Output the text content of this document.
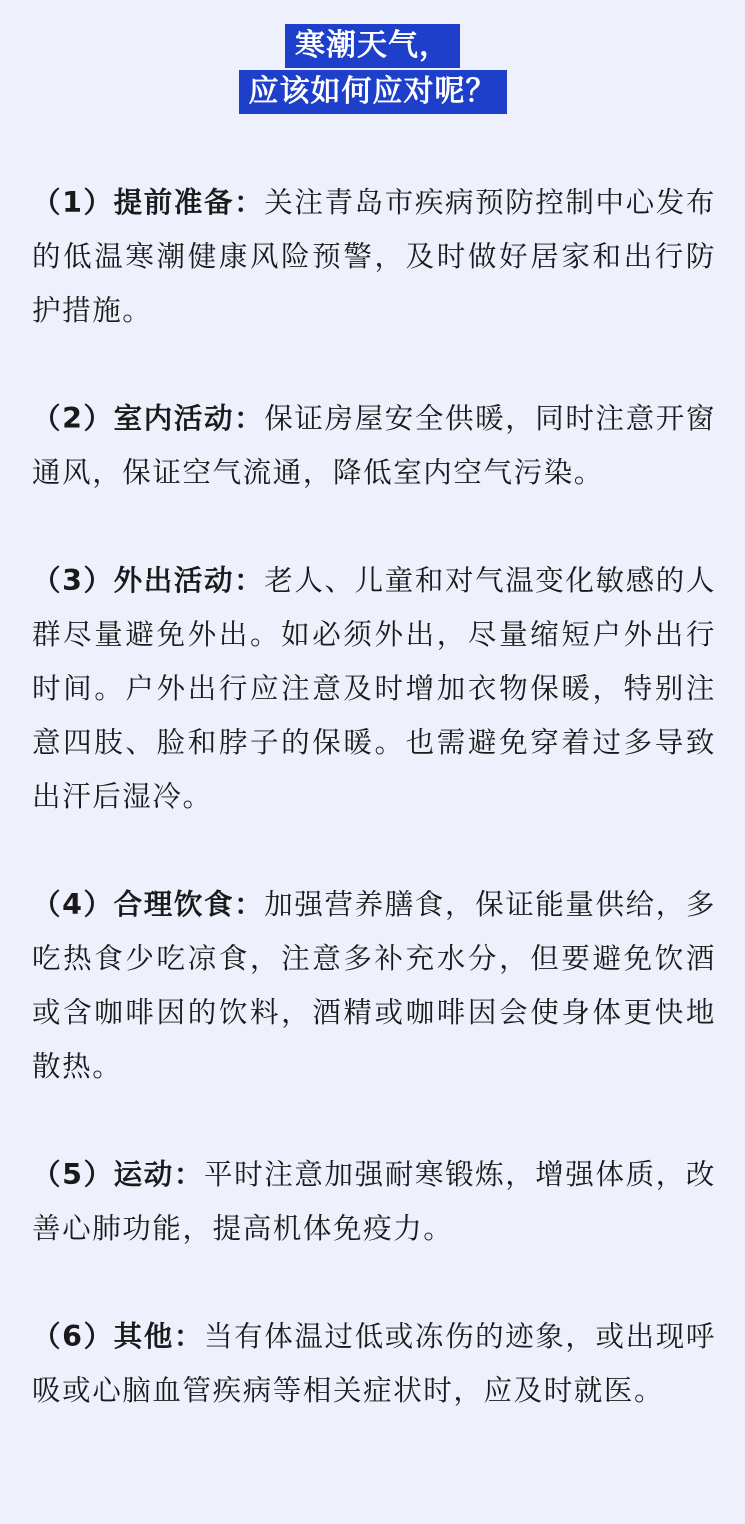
寒潮天气，
应该如何应对呢？

（1）提前准备：关注青岛市疾病预防控制中心发布的低温寒潮健康风险预警，及时做好居家和出行防护措施。

（2）室内活动：保证房屋安全供暖，同时注意开窗通风，保证空气流通，降低室内空气污染。

（3）外出活动：老人、儿童和对气温变化敏感的人群尽量避免外出。如必须外出，尽量缩短户外出行时间。户外出行应注意及时增加衣物保暖，特别注意四肢、脸和脖子的保暖。也需避免穿着过多导致出汗后湿冷。

（4）合理饮食：加强营养膳食，保证能量供给，多吃热食少吃凉食，注意多补充水分，但要避免饮酒或含咖啡因的饮料，酒精或咖啡因会使身体更快地散热。

（5）运动：平时注意加强耐寒锻炼，增强体质，改善心肺功能，提高机体免疫力。

（6）其他：当有体温过低或冻伤的迹象，或出现呼吸或心脑血管疾病等相关症状时，应及时就医。
